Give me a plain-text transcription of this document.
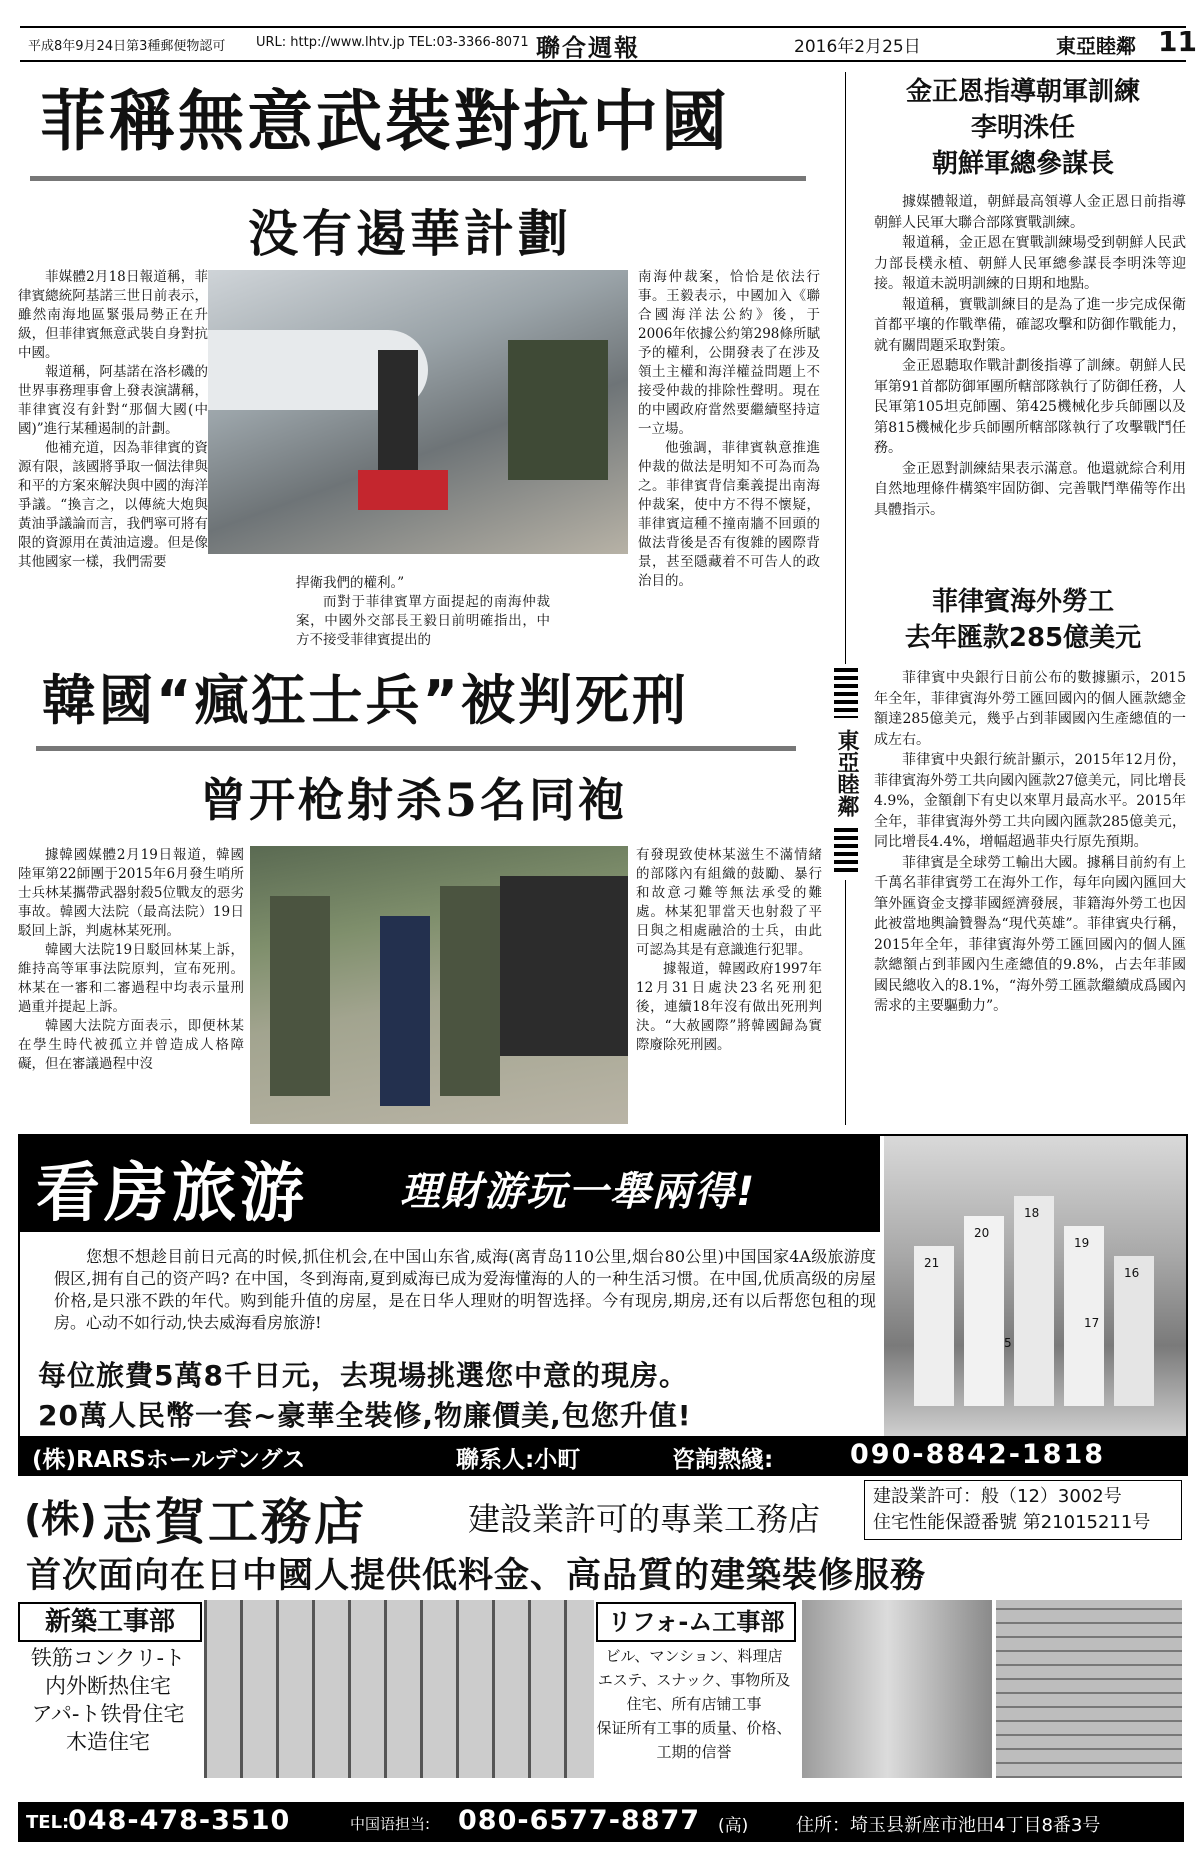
平成8年9月24日第3種郵便物認可 URL: http://www.lhtv.jp TEL:03-3366-8071 聯合週報	2016年2月25日	東亞睦鄰 11
菲稱無意武裝對抗中國
没有遏華計劃

菲媒體2月18日報道稱，菲律賓總統阿基諾三世日前表示，雖然南海地區緊張局勢正在升級，但菲律賓無意武裝自身對抗中國。

報道稱，阿基諾在洛杉磯的世界事務理事會上發表演講稱，菲律賓沒有針對“那個大國(中國)”進行某種遏制的計劃。

他補充道，因為菲律賓的資源有限，該國將爭取一個法律與和平的方案來解決與中國的海洋爭議。“換言之，以傳統大炮與黃油爭議論而言，我們寧可將有限的資源用在黃油這邊。但是像其他國家一樣，我們需要

捍衛我們的權利。”

而對于菲律賓單方面提起的南海仲裁案，中國外交部長王毅日前明確指出，中方不接受菲律賓提出的

南海仲裁案，恰恰是依法行事。王毅表示，中國加入《聯合國海洋法公約》後，于2006年依據公約第298條所賦予的權利，公開發表了在涉及領土主權和海洋權益問題上不接受仲裁的排除性聲明。現在的中國政府當然要繼續堅持這一立場。

他強調，菲律賓執意推進仲裁的做法是明知不可為而為之。菲律賓背信棄義提出南海仲裁案，使中方不得不懷疑，菲律賓這種不撞南牆不回頭的做法背後是否有復雜的國際背景，甚至隱藏着不可告人的政治目的。

韓國“瘋狂士兵”被判死刑
曾开枪射杀5名同袍

據韓國媒體2月19日報道，韓國陸軍第22師團于2015年6月發生哨所士兵林某攜帶武器射殺5位戰友的惡劣事故。韓國大法院（最高法院）19日駁回上訴，判處林某死刑。

韓國大法院19日駁回林某上訴，維持高等軍事法院原判，宣布死刑。林某在一審和二審過程中均表示量刑過重并提起上訴。

韓國大法院方面表示，即便林某在學生時代被孤立并曾造成人格障礙，但在審議過程中沒

有發現致使林某滋生不滿情緒的部隊內有組織的鼓勵、暴行和故意刁難等無法承受的難處。林某犯罪當天也射殺了平日與之相處融洽的士兵，由此可認為其是有意識進行犯罪。

據報道，韓國政府1997年12月31日處決23名死刑犯後，連續18年沒有做出死刑判決。“大赦國際”將韓國歸為實際廢除死刑國。

東亞睦鄰
金正恩指導朝軍訓練
李明洙任
朝鮮軍總參謀長

據媒體報道，朝鮮最高領導人金正恩日前指導朝鮮人民軍大聯合部隊實戰訓練。

報道稱，金正恩在實戰訓練場受到朝鮮人民武力部長樸永植、朝鮮人民軍總參謀長李明洙等迎接。報道未説明訓練的日期和地點。

報道稱，實戰訓練目的是為了進一步完成保衛首都平壤的作戰準備，確認攻擊和防御作戰能力，就有關問題采取對策。

金正恩聽取作戰計劃後指導了訓練。朝鮮人民軍第91首都防御軍團所轄部隊執行了防御任務，人民軍第105坦克師團、第425機械化步兵師團以及第815機械化步兵師團所轄部隊執行了攻擊戰鬥任務。

金正恩對訓練結果表示滿意。他還就綜合利用自然地理條件構築牢固防御、完善戰鬥準備等作出具體指示。

菲律賓海外勞工
去年匯款285億美元

菲律賓中央銀行日前公布的數據顯示，2015年全年，菲律賓海外勞工匯回國內的個人匯款總金額達285億美元，幾乎占到菲國國內生產總值的一成左右。

菲律賓中央銀行統計顯示，2015年12月份，菲律賓海外勞工共向國內匯款27億美元，同比增長4.9%，金額創下有史以來單月最高水平。2015年全年，菲律賓海外勞工共向國內匯款285億美元，同比增長4.4%，增幅超過菲央行原先預期。

菲律賓是全球勞工輸出大國。據稱目前約有上千萬名菲律賓勞工在海外工作，每年向國內匯回大筆外匯資金支撐菲國經濟發展，菲籍海外勞工也因此被當地輿論贊譽為“現代英雄”。菲律賓央行稱，2015年全年，菲律賓海外勞工匯回國內的個人匯款總額占到菲國內生產總值的9.8%，占去年菲國國民總收入的8.1%，“海外勞工匯款繼續成爲國內需求的主要驅動力”。

看房旅游 理財游玩一舉兩得!

您想不想趁目前日元高的时候,抓住机会,在中国山东省,威海(离青岛110公里,烟台80公里)中国国家4A级旅游度假区,拥有自己的资产吗? 在中国，冬到海南,夏到威海已成为爱海懂海的人的一种生活习惯。在中国,优质高级的房屋价格,是只涨不跌的年代。购到能升值的房屋，是在日华人理财的明智选择。今有现房,期房,还有以后帮您包租的现房。心动不如行动,快去威海看房旅游!

每位旅費5萬8千日元，去現場挑選您中意的現房。
20萬人民幣一套~豪華全裝修,物廉價美,包您升值!
18
19
20
21
16
17
5
(株)RARSホールデングス	聯系人:小町	咨詢熱綫:	090-8842-1818
(株) 志賀工務店	建設業許可的專業工務店
建設業許可：般（12）3002号
住宅性能保證番號 第21015211号
首次面向在日中國人提供低料金、高品質的建築裝修服務
新築工事部
铁筋コンクリ-ト
内外断热住宅
アパ-ト铁骨住宅
木造住宅
リフォ-ム工事部
ビル、マンション、料理店
エステ、スナック、事物所及
住宅、所有店铺工事
保证所有工事的质量、价格、
工期的信誉
TEL:
048-478-3510	中国语担当: 080-6577-8877 (高)	住所：埼玉县新座市池田4丁目8番3号
